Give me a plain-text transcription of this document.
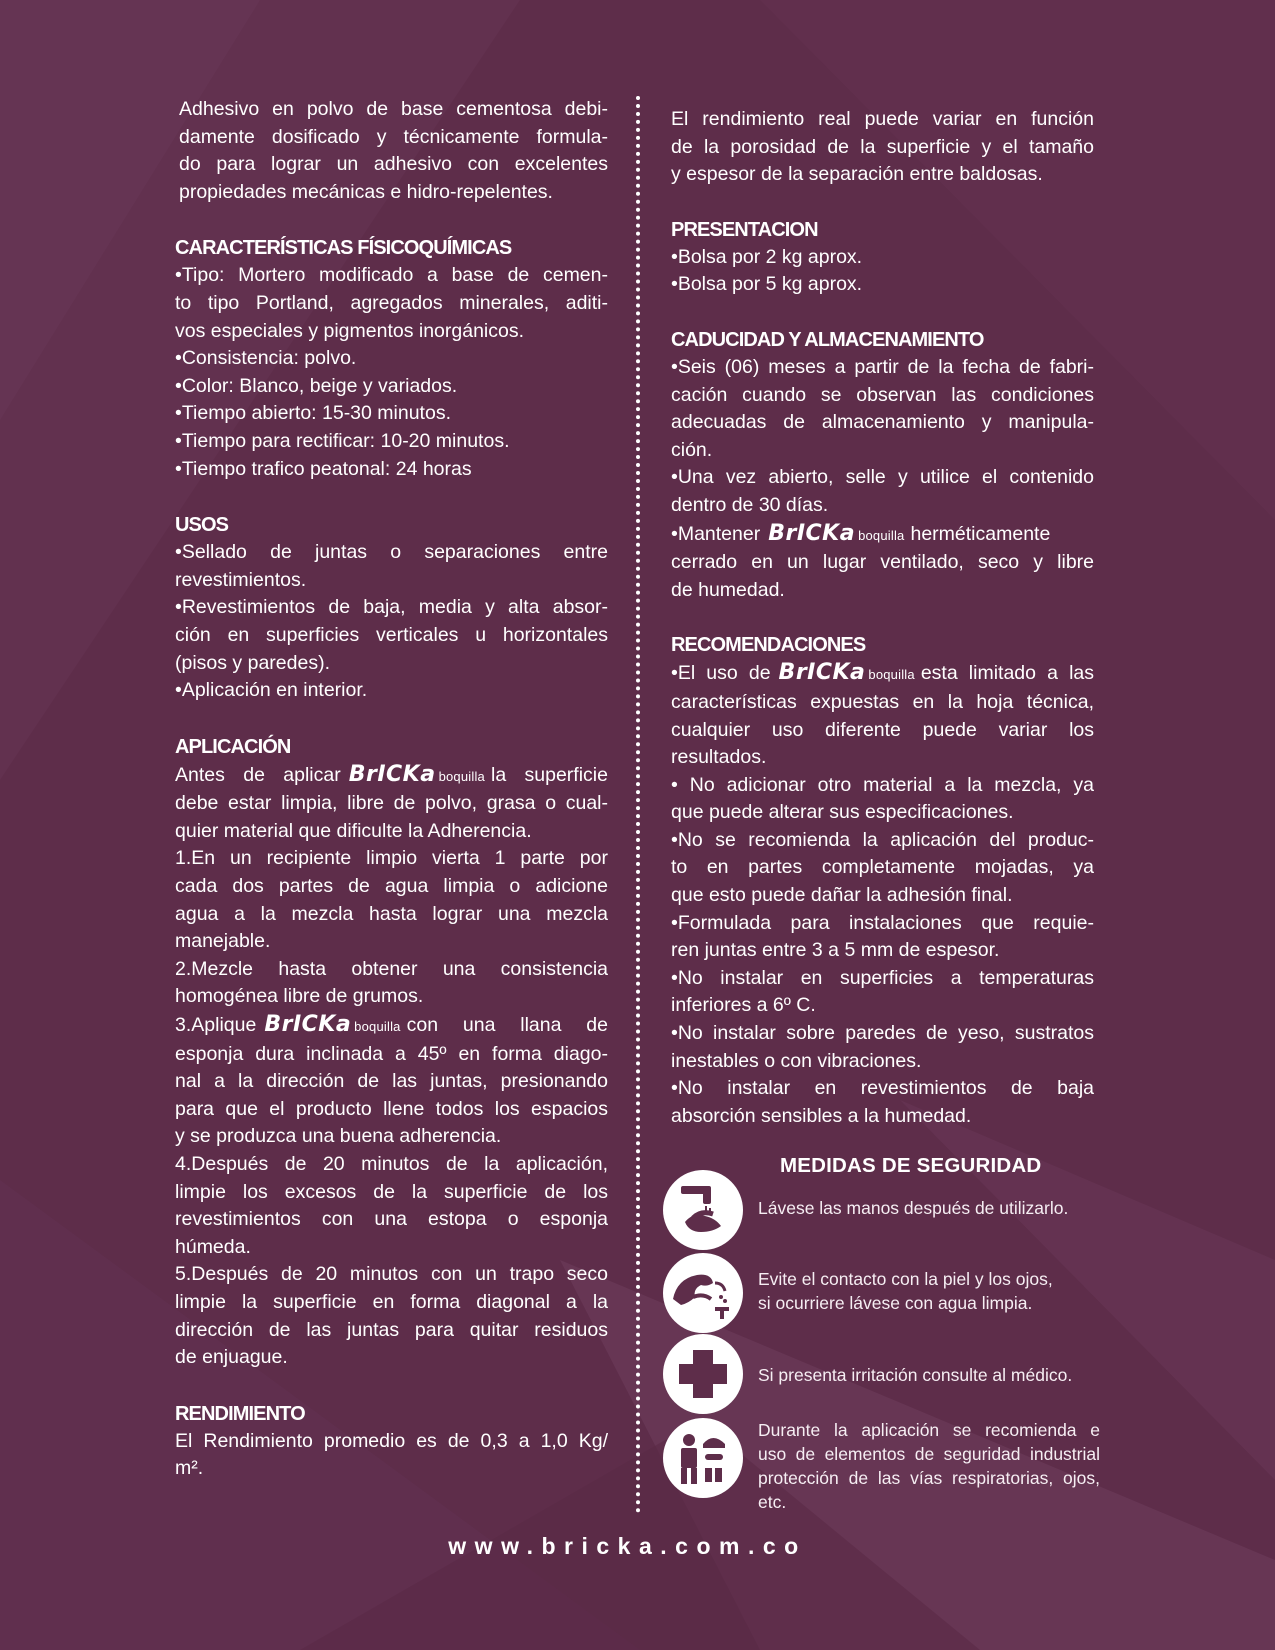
Adhesivo en polvo de base cementosa debi-
damente dosificado y técnicamente formula-
do para lograr un adhesivo con excelentes
propiedades mecánicas e hidro-repelentes.
CARACTERÍSTICAS FÍSICOQUÍMICAS
•Tipo: Mortero modificado a base de cemen-
to tipo Portland, agregados minerales, aditi-
vos especiales y pigmentos inorgánicos.
•Consistencia: polvo.
•Color: Blanco, beige y variados.
•Tiempo abierto: 15-30 minutos.
•Tiempo para rectificar: 10-20 minutos.
•Tiempo trafico peatonal: 24 horas
USOS
•Sellado de juntas o separaciones entre
revestimientos.
•Revestimientos de baja, media y alta absor-
ción en superficies verticales u horizontales
(pisos y paredes).
•Aplicación en interior.
APLICACIÓN
Antes de aplicar BrICKa boquilla la superficie
debe estar limpia, libre de polvo, grasa o cual-
quier material que dificulte la Adherencia.
1.En un recipiente limpio vierta 1 parte por
cada dos partes de agua limpia o adicione
agua a la mezcla hasta lograr una mezcla
manejable.
2.Mezcle hasta obtener una consistencia
homogénea libre de grumos.
3.Aplique BrICKa boquilla con una llana de
esponja dura inclinada a 45º en forma diago-
nal a la dirección de las juntas, presionando
para que el producto llene todos los espacios
y se produzca una buena adherencia.
4.Después de 20 minutos de la aplicación,
limpie los excesos de la superficie de los
revestimientos con una estopa o esponja
húmeda.
5.Después de 20 minutos con un trapo seco
limpie la superficie en forma diagonal a la
dirección de las juntas para quitar residuos
de enjuague.
RENDIMIENTO
El Rendimiento promedio es de 0,3 a 1,0 Kg/
m².
El rendimiento real puede variar en función
de la porosidad de la superficie y el tamaño
y espesor de la separación entre baldosas.
PRESENTACION
•Bolsa por 2 kg aprox.
•Bolsa por 5 kg aprox.
CADUCIDAD Y ALMACENAMIENTO
•Seis (06) meses a partir de la fecha de fabri-
cación cuando se observan las condiciones
adecuadas de almacenamiento y manipula-
ción.
•Una vez abierto, selle y utilice el contenido
dentro de 30 días.
•Mantener BrICKa boquilla herméticamente
cerrado en un lugar ventilado, seco y libre
de humedad.
RECOMENDACIONES
•El uso de BrICKa boquilla esta limitado a las
características expuestas en la hoja técnica,
cualquier uso diferente puede variar los
resultados.
• No adicionar otro material a la mezcla, ya
que puede alterar sus especificaciones.
•No se recomienda la aplicación del produc-
to en partes completamente mojadas, ya
que esto puede dañar la adhesión final.
•Formulada para instalaciones que requie-
ren juntas entre 3 a 5 mm de espesor.
•No instalar en superficies a temperaturas
inferiores a 6º C.
•No instalar sobre paredes de yeso, sustratos
inestables o con vibraciones.
•No instalar en revestimientos de baja
absorción sensibles a la humedad.
MEDIDAS DE SEGURIDAD
Lávese las manos después de utilizarlo.
Evite el contacto con la piel y los ojos,
si ocurriere lávese con agua limpia.
Si presenta irritación consulte al médico.
Durante la aplicación se recomienda e
uso de elementos de seguridad industrial
protección de las vías respiratorias, ojos,
etc.
www.bricka.com.co
